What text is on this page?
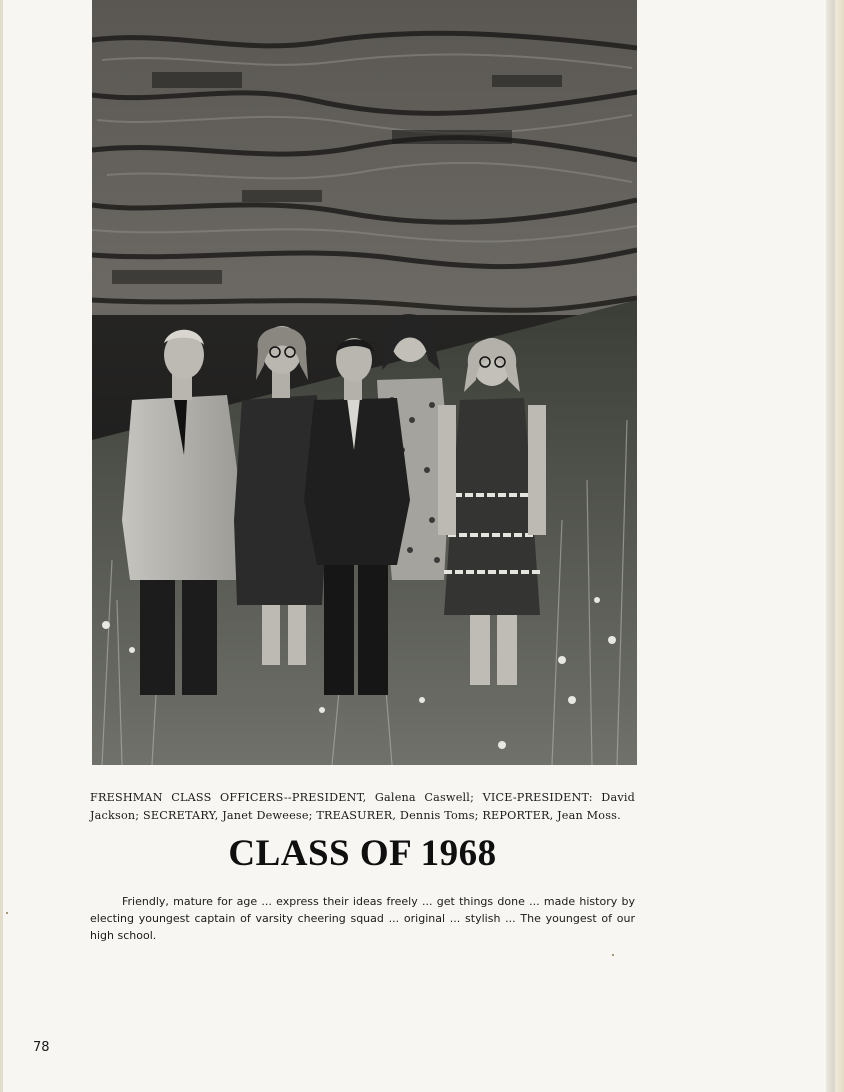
FRESHMAN CLASS OFFICERS--PRESIDENT, Galena Caswell; VICE-PRESIDENT: David Jackson; SECRETARY, Janet Deweese; TREASURER, Dennis Toms; REPORTER, Jean Moss.

CLASS OF 1968

Friendly, mature for age ... express their ideas freely ... get things done ... made history by electing youngest captain of varsity cheering squad ... original ... stylish ... The youngest of our high school.

78
